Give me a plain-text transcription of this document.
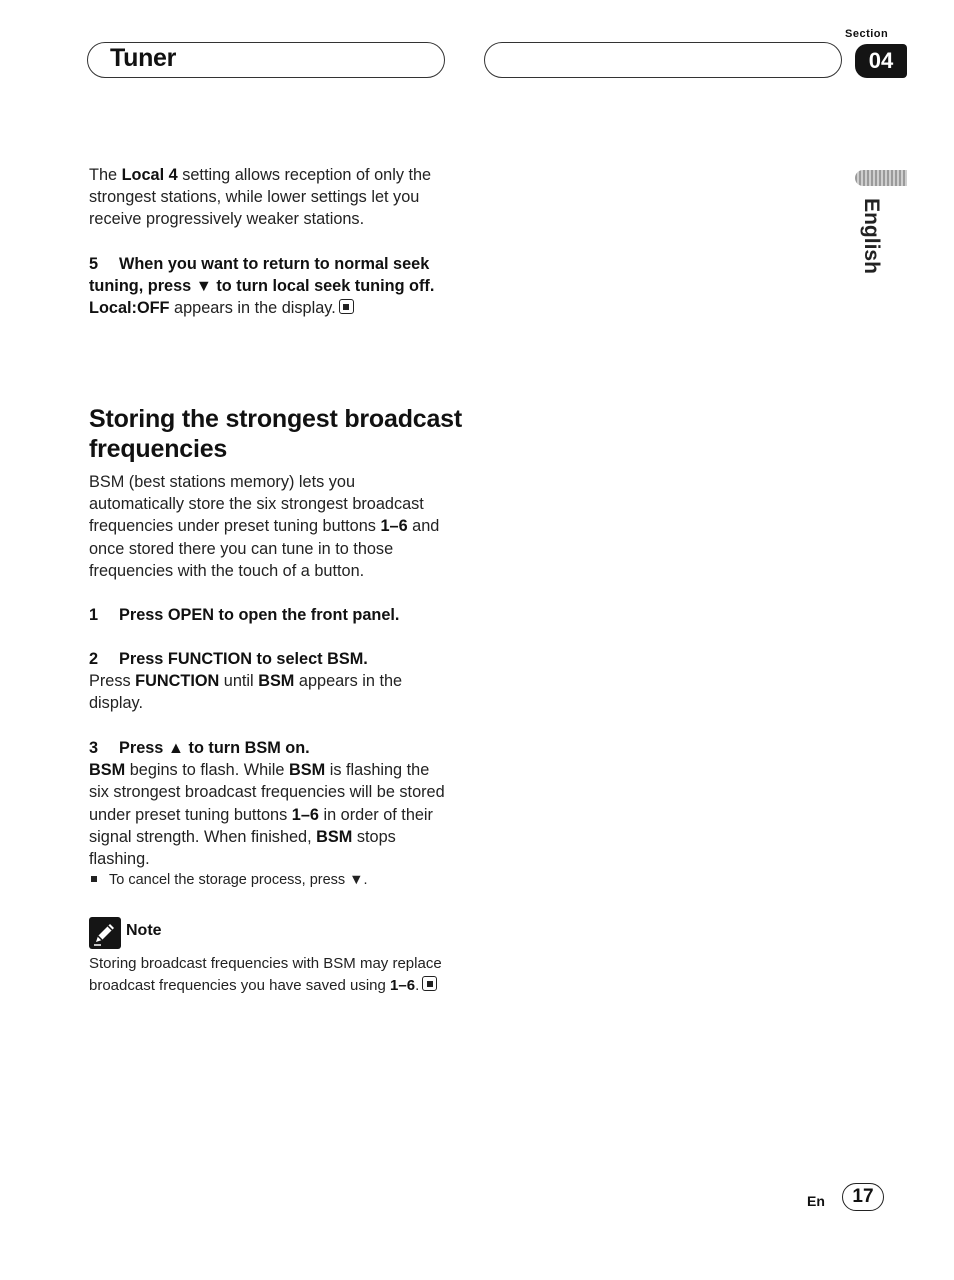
Tuner
Section
04
English

The Local 4 setting allows reception of only the strongest stations, while lower settings let you receive progressively weaker stations.

5 When you want to return to normal seek tuning, press ▼ to turn local seek tuning off.

Local:OFF appears in the display.

Storing the strongest broadcast frequencies

BSM (best stations memory) lets you automatically store the six strongest broadcast frequencies under preset tuning buttons 1–6 and once stored there you can tune in to those frequencies with the touch of a button.

1 Press OPEN to open the front panel.

2 Press FUNCTION to select BSM.

Press FUNCTION until BSM appears in the display.

3 Press ▲ to turn BSM on.

BSM begins to flash. While BSM is flashing the six strongest broadcast frequencies will be stored under preset tuning buttons 1–6 in order of their signal strength. When finished, BSM stops flashing.

To cancel the storage process, press ▼.

Note
Storing broadcast frequencies with BSM may replace broadcast frequencies you have saved using 1–6.
En	17
